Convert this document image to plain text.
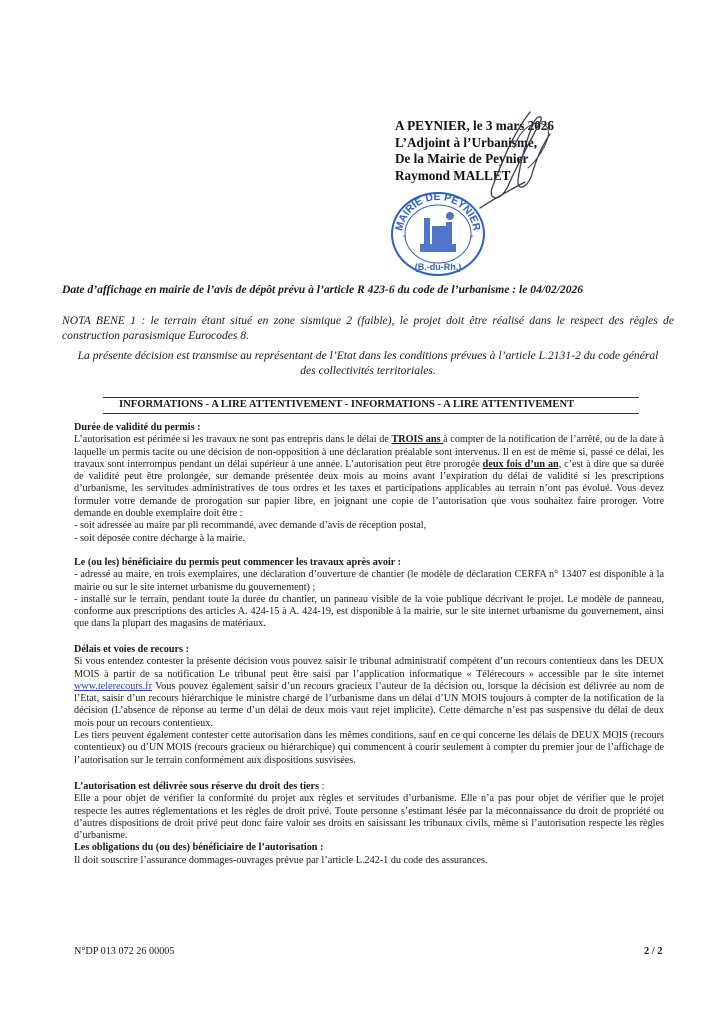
A PEYNIER, le 3 mars 2026
L’Adjoint à l’Urbanisme,
De la Mairie de Peynier
Raymond MALLET
MAIRIE DE PEYNIER
*	*
(B.-du-Rh.)
Date d’affichage en mairie de l’avis de dépôt prévu à l’article R 423-6 du code de l’urbanisme : le 04/02/2026
NOTA BENE 1 : le terrain étant situé en zone sismique 2 (faible), le projet doit être réalisé dans le respect des règles de construction parasismique Eurocodes 8.
La présente décision est transmise au représentant de l’Etat dans les conditions prévues à l’article L.2131-2 du code général
des collectivités territoriales.
INFORMATIONS - A LIRE ATTENTIVEMENT - INFORMATIONS - A LIRE ATTENTIVEMENT
Durée de validité du permis :
L’autorisation est périmée si les travaux ne sont pas entrepris dans le délai de TROIS ans à compter de la notification de l’arrêté, ou de la date à laquelle un permis tacite ou une décision de non-opposition à une déclaration préalable sont intervenus. Il en est de même si, passé ce délai, les travaux sont interrompus pendant un délai supérieur à une année. L’autorisation peut être prorogée deux fois d’un an, c’est à dire que sa durée de validité peut être prolongée, sur demande présentée deux mois au moins avant l’expiration du délai de validité si les prescriptions d’urbanisme, les servitudes administratives de tous ordres et les taxes et participations applicables au terrain n’ont pas évolué. Vous devez formuler votre demande de prorogation sur papier libre, en joignant une copie de l’autorisation que vous souhaitez faire proroger. Votre demande en double exemplaire doit être :
- soit adressée au maire par pli recommandé, avec demande d’avis de réception postal,
- soit déposée contre décharge à la mairie.
Le (ou les) bénéficiaire du permis peut commencer les travaux après avoir :
- adressé au maire, en trois exemplaires, une déclaration d’ouverture de chantier (le modèle de déclaration CERFA n° 13407 est disponible à la mairie ou sur le site internet urbanisme du gouvernement) ;
- installé sur le terrain, pendant toute la durée du chantier, un panneau visible de la voie publique décrivant le projet. Le modèle de panneau, conforme aux prescriptions des articles A. 424-15 à A. 424-19, est disponible à la mairie, sur le site internet urbanisme du gouvernement, ainsi que dans la plupart des magasins de matériaux.
Délais et voies de recours :
Si vous entendez contester la présente décision vous pouvez saisir le tribunal administratif compétent d’un recours contentieux dans les DEUX MOIS à partir de sa notification Le tribunal peut être saisi par l’application informatique « Télérecours » accessible par le site internet www.telerecours.fr Vous pouvez également saisir d’un recours gracieux l’auteur de la décision ou, lorsque la décision est délivrée au nom de l’Etat, saisir d’un recours hiérarchique le ministre chargé de l’urbanisme dans un délai d’UN MOIS toujours à compter de la notification de la décision (L’absence de réponse au terme d’un délai de deux mois vaut rejet implicite). Cette démarche n’est pas suspensive du délai de deux mois pour un recours contentieux.
Les tiers peuvent également contester cette autorisation dans les mêmes conditions, sauf en ce qui concerne les délais de DEUX MOIS (recours contentieux) ou d’UN MOIS (recours gracieux ou hiérarchique) qui commencent à courir seulement à compter du premier jour de l’affichage de l’autorisation sur le terrain conformément aux dispositions susvisées.
L’autorisation est délivrée sous réserve du droit des tiers :
Elle a pour objet de vérifier la conformité du projet aux règles et servitudes d’urbanisme. Elle n’a pas pour objet de vérifier que le projet respecte les autres réglementations et les règles de droit privé. Toute personne s’estimant lésée par la méconnaissance du droit de propriété ou d’autres dispositions de droit privé peut donc faire valoir ses droits en saisissant les tribunaux civils, même si l’autorisation respecte les règles d’urbanisme.
Les obligations du (ou des) bénéficiaire de l’autorisation :
Il doit souscrire l’assurance dommages-ouvrages prévue par l’article L.242-1 du code des assurances.
N°DP 013 072 26 00005	2 / 2
